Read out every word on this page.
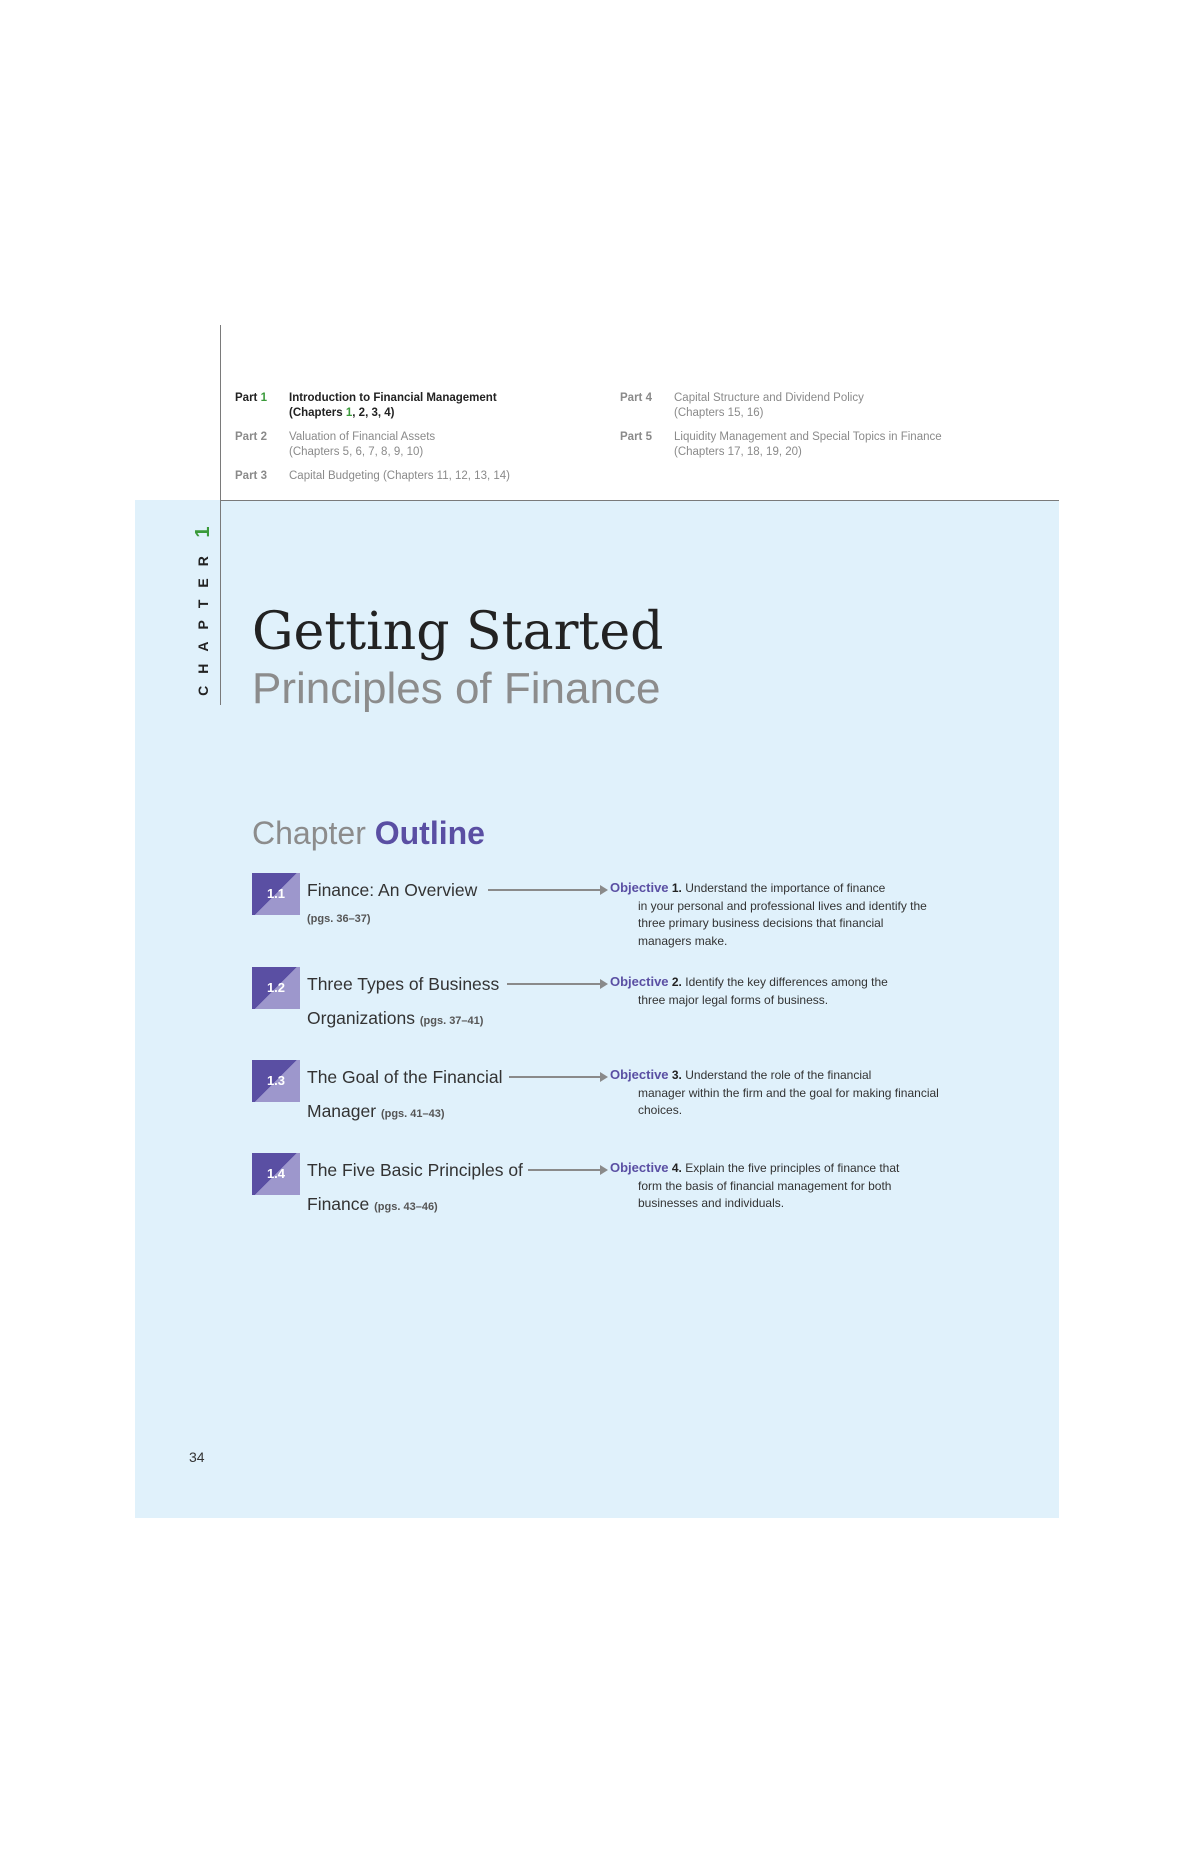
Part 1	Introduction to Financial Management
(Chapters 1, 2, 3, 4)
Part 2	Valuation of Financial Assets
(Chapters 5, 6, 7, 8, 9, 10)
Part 3	Capital Budgeting (Chapters 11, 12, 13, 14)
Part 4	Capital Structure and Dividend Policy
(Chapters 15, 16)
Part 5	Liquidity Management and Special Topics in Finance
(Chapters 17, 18, 19, 20)
1
CHAPTER Getting Started
Principles of Finance
Chapter Outline
1.1	Finance: An Overview
(pgs. 36–37)
Objective 1. Understand the importance of finance
in your personal and professional lives and identify the three primary business decisions that financial managers make.
1.2	Three Types of Business
Organizations (pgs. 37–41)
Objective 2. Identify the key differences among the
three major legal forms of business.
1.3	The Goal of the Financial
Manager (pgs. 41–43)
Objective 3. Understand the role of the financial
manager within the firm and the goal for making financial choices.
1.4	The Five Basic Principles of
Finance (pgs. 43–46)
Objective 4. Explain the five principles of finance that
form the basis of financial management for both businesses and individuals.
34
